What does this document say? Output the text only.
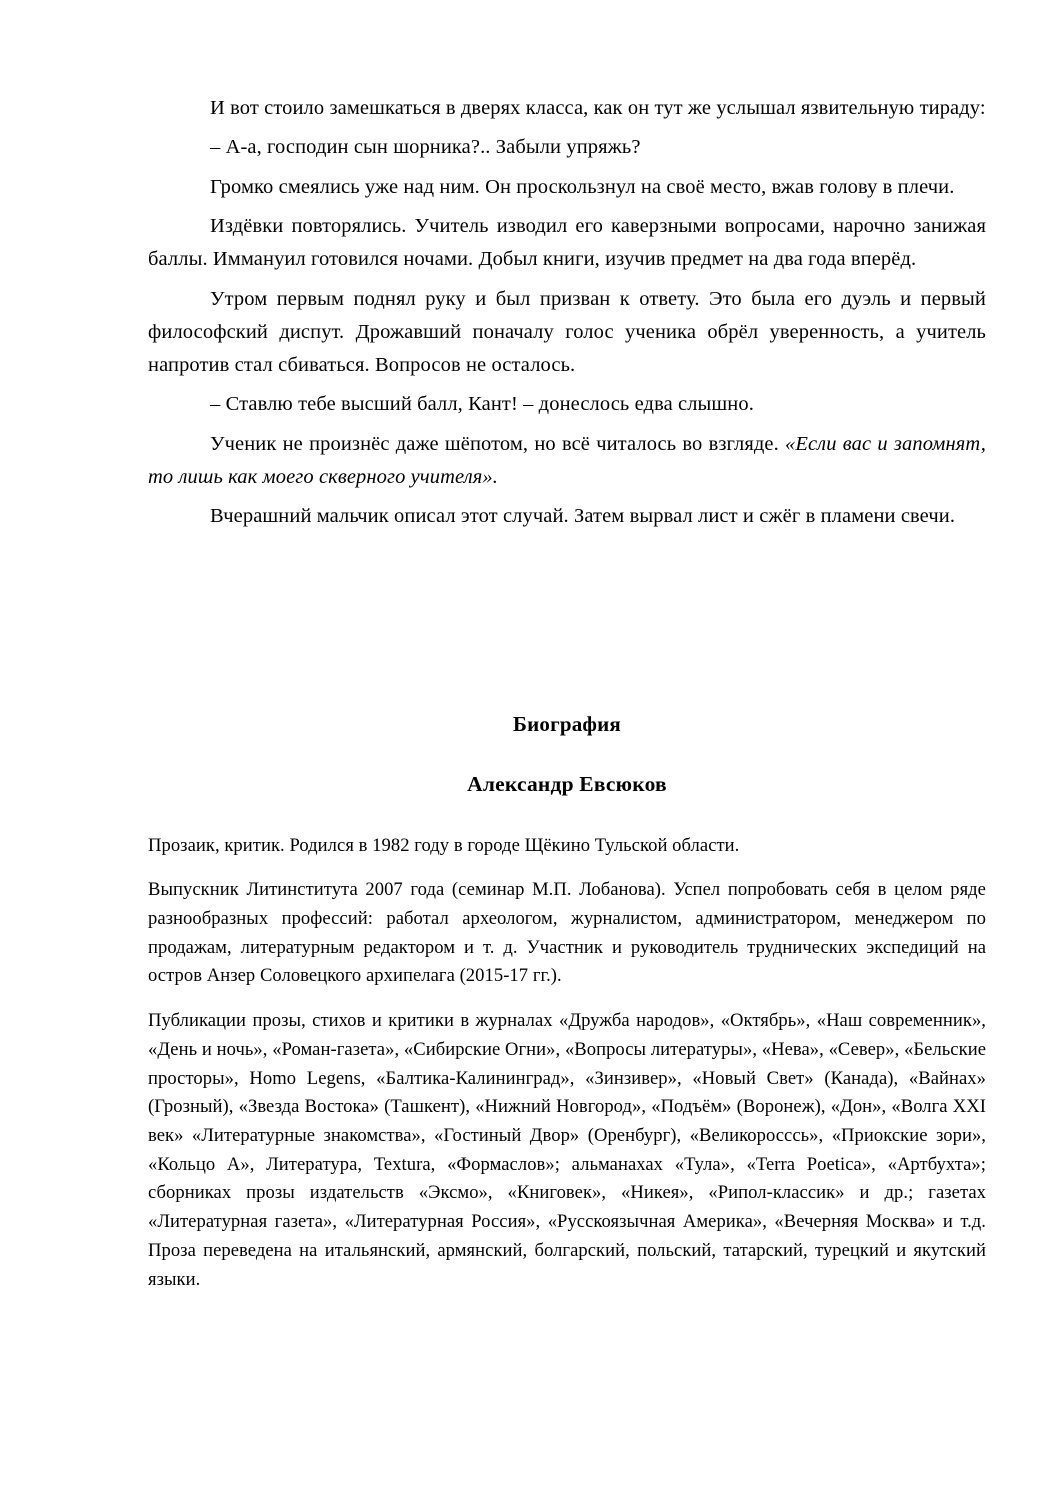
И вот стоило замешкаться в дверях класса, как он тут же услышал язвительную тираду:

– А-а, господин сын шорника?.. Забыли упряжь?

Громко смеялись уже над ним. Он проскользнул на своё место, вжав голову в плечи.

Издёвки повторялись. Учитель изводил его каверзными вопросами, нарочно занижая баллы. Иммануил готовился ночами. Добыл книги, изучив предмет на два года вперёд.

Утром первым поднял руку и был призван к ответу. Это была его дуэль и первый философский диспут. Дрожавший поначалу голос ученика обрёл уверенность, а учитель напротив стал сбиваться. Вопросов не осталось.

– Ставлю тебе высший балл, Кант! – донеслось едва слышно.

Ученик не произнёс даже шёпотом, но всё читалось во взгляде. «Если вас и запомнят, то лишь как моего скверного учителя».

Вчерашний мальчик описал этот случай. Затем вырвал лист и сжёг в пламени свечи.

Биография
Александр Евсюков

Прозаик, критик. Родился в 1982 году в городе Щёкино Тульской области.

Выпускник Литинститута 2007 года (семинар М.П. Лобанова). Успел попробовать себя в целом ряде разнообразных профессий: работал археологом, журналистом, администратором, менеджером по продажам, литературным редактором и т. д. Участник и руководитель труднических экспедиций на остров Анзер Соловецкого архипелага (2015-17 гг.).

Публикации прозы, стихов и критики в журналах «Дружба народов», «Октябрь», «Наш современник», «День и ночь», «Роман-газета», «Сибирские Огни», «Вопросы литературы», «Нева», «Север», «Бельские просторы», Homo Legens, «Балтика-Калининград», «Зинзивер», «Новый Свет» (Канада), «Вайнах» (Грозный), «Звезда Востока» (Ташкент), «Нижний Новгород», «Подъём» (Воронеж), «Дон», «Волга XXI век» «Литературные знакомства», «Гостиный Двор» (Оренбург), «Великоросссь», «Приокские зори», «Кольцо А», Литература, Textura, «Формаслов»; альманахах «Тула», «Terra Poetica», «Артбухта»; сборниках прозы издательств «Эксмо», «Книговек», «Никея», «Рипол-классик» и др.; газетах «Литературная газета», «Литературная Россия», «Русскоязычная Америка», «Вечерняя Москва» и т.д. Проза переведена на итальянский, армянский, болгарский, польский, татарский, турецкий и якутский языки.
